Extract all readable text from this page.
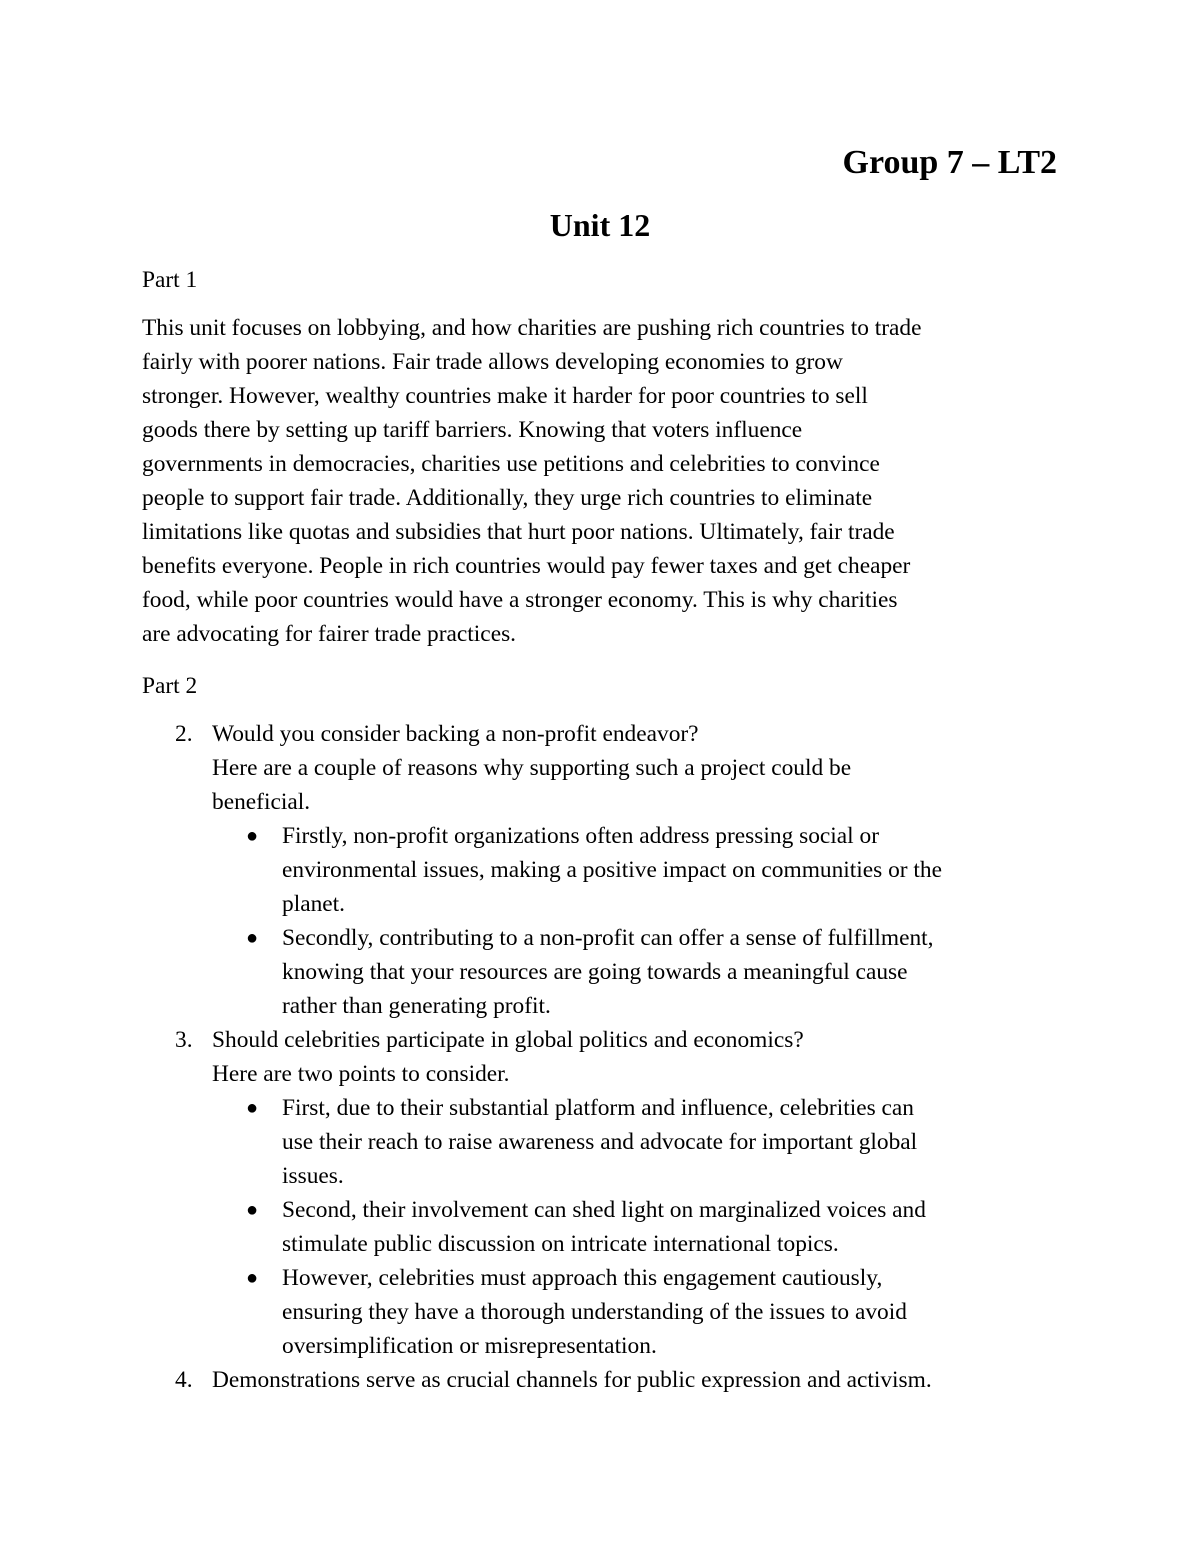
Group 7 – LT2
Unit 12
Part 1
This unit focuses on lobbying, and how charities are pushing rich countries to trade
fairly with poorer nations. Fair trade allows developing economies to grow
stronger. However, wealthy countries make it harder for poor countries to sell
goods there by setting up tariff barriers. Knowing that voters influence
governments in democracies, charities use petitions and celebrities to convince
people to support fair trade. Additionally, they urge rich countries to eliminate
limitations like quotas and subsidies that hurt poor nations. Ultimately, fair trade
benefits everyone. People in rich countries would pay fewer taxes and get cheaper
food, while poor countries would have a stronger economy. This is why charities
are advocating for fairer trade practices.
Part 2
2. Would you consider backing a non-profit endeavor?
Here are a couple of reasons why supporting such a project could be
beneficial.
● Firstly, non-profit organizations often address pressing social or
environmental issues, making a positive impact on communities or the
planet.
● Secondly, contributing to a non-profit can offer a sense of fulfillment,
knowing that your resources are going towards a meaningful cause
rather than generating profit.
3. Should celebrities participate in global politics and economics?
Here are two points to consider.
● First, due to their substantial platform and influence, celebrities can
use their reach to raise awareness and advocate for important global
issues.
● Second, their involvement can shed light on marginalized voices and
stimulate public discussion on intricate international topics.
● However, celebrities must approach this engagement cautiously,
ensuring they have a thorough understanding of the issues to avoid
oversimplification or misrepresentation.
4. Demonstrations serve as crucial channels for public expression and activism.
